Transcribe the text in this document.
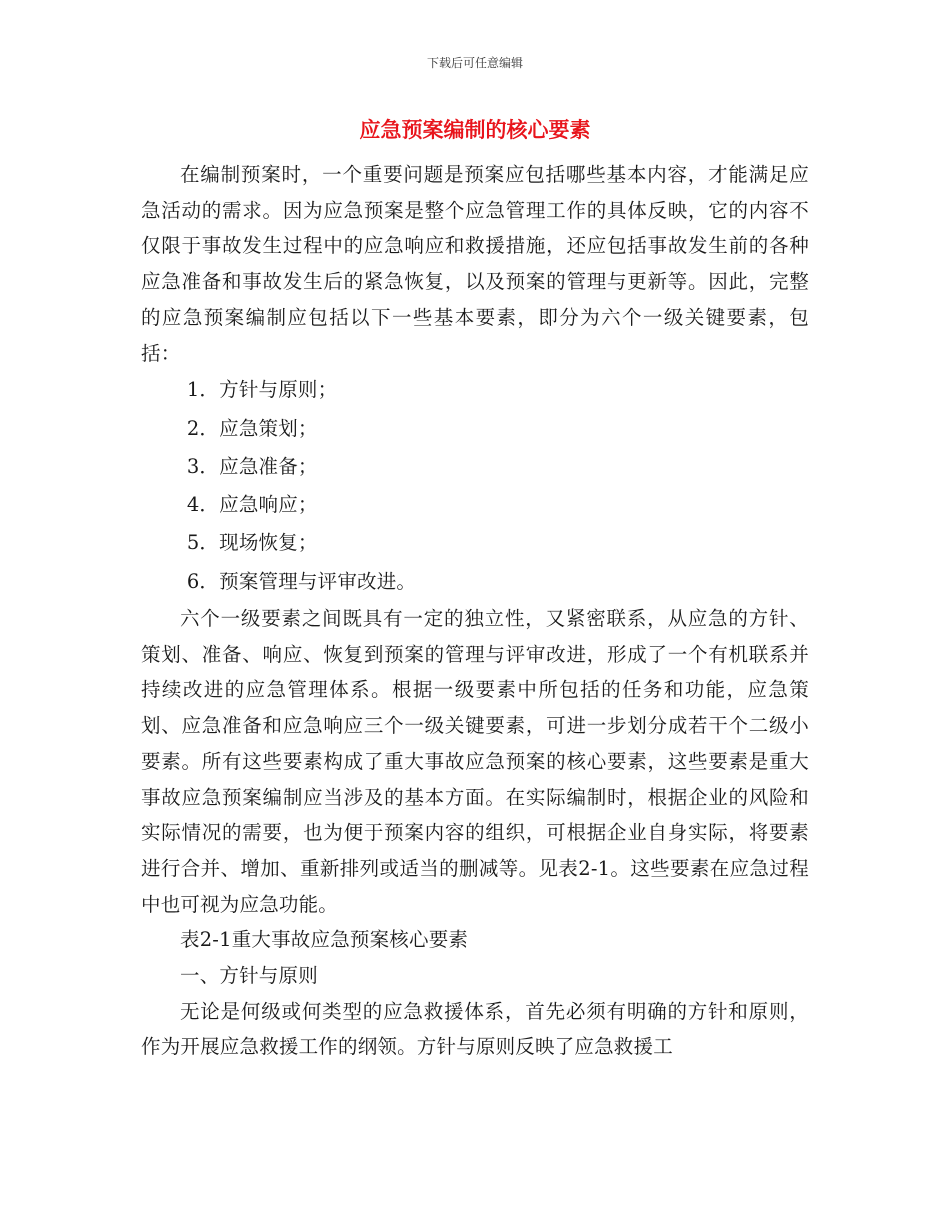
下载后可任意编辑
应急预案编制的核心要素

在编制预案时，一个重要问题是预案应包括哪些基本内容，才能满足应急活动的需求。因为应急预案是整个应急管理工作的具体反映，它的内容不仅限于事故发生过程中的应急响应和救援措施，还应包括事故发生前的各种应急准备和事故发生后的紧急恢复，以及预案的管理与更新等。因此，完整的应急预案编制应包括以下一些基本要素，即分为六个一级关键要素，包括：

1．方针与原则；
2．应急策划；
3．应急准备；
4．应急响应；
5．现场恢复；
6．预案管理与评审改进。

六个一级要素之间既具有一定的独立性，又紧密联系，从应急的方针、策划、准备、响应、恢复到预案的管理与评审改进，形成了一个有机联系并持续改进的应急管理体系。根据一级要素中所包括的任务和功能，应急策划、应急准备和应急响应三个一级关键要素，可进一步划分成若干个二级小要素。所有这些要素构成了重大事故应急预案的核心要素，这些要素是重大事故应急预案编制应当涉及的基本方面。在实际编制时，根据企业的风险和实际情况的需要，也为便于预案内容的组织，可根据企业自身实际，将要素进行合并、增加、重新排列或适当的删减等。见表2-1。这些要素在应急过程中也可视为应急功能。

表2-1重大事故应急预案核心要素

一、方针与原则

无论是何级或何类型的应急救援体系，首先必须有明确的方针和原则，作为开展应急救援工作的纲领。方针与原则反映了应急救援工
